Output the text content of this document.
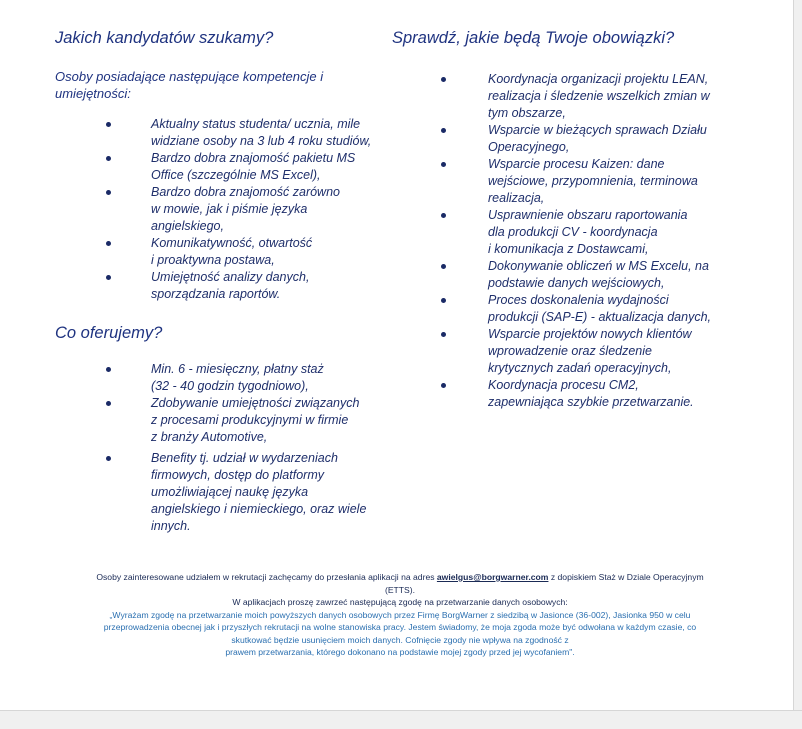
Jakich kandydatów szukamy?
Osoby posiadające następujące kompetencje i
umiejętności:
Aktualny status studenta/ ucznia, mile
widziane osoby na 3 lub 4 roku studiów,
Bardzo dobra znajomość pakietu MS
Office (szczególnie MS Excel),
Bardzo dobra znajomość zarówno
w mowie, jak i piśmie języka
angielskiego,
Komunikatywność, otwartość
i proaktywna postawa,
Umiejętność analizy danych,
sporządzania raportów.
Co oferujemy?
Min. 6 - miesięczny, płatny staż
(32 - 40 godzin tygodniowo),
Zdobywanie umiejętności związanych
z procesami produkcyjnymi w firmie
z branży Automotive,
Benefity tj. udział w wydarzeniach
firmowych, dostęp do platformy
umożliwiającej naukę języka
angielskiego i niemieckiego, oraz wiele
innych.
Sprawdź, jakie będą Twoje obowiązki?
Koordynacja organizacji projektu LEAN,
realizacja i śledzenie wszelkich zmian w
tym obszarze,
Wsparcie w bieżących sprawach Działu
Operacyjnego,
Wsparcie procesu Kaizen: dane
wejściowe, przypomnienia, terminowa
realizacja,
Usprawnienie obszaru raportowania
dla produkcji CV - koordynacja
i komunikacja z Dostawcami,
Dokonywanie obliczeń w MS Excelu, na
podstawie danych wejściowych,
Proces doskonalenia wydajności
produkcji (SAP-E) - aktualizacja danych,
Wsparcie projektów nowych klientów
wprowadzenie oraz śledzenie
krytycznych zadań operacyjnych,
Koordynacja procesu CM2,
zapewniająca szybkie przetwarzanie.
Osoby zainteresowane udziałem w rekrutacji zachęcamy do przesłania aplikacji na adres awielgus@borgwarner.com z dopiskiem Staż w Dziale Operacyjnym
(ETTS).
W aplikacjach proszę zawrzeć następującą zgodę na przetwarzanie danych osobowych:
„Wyrażam zgodę na przetwarzanie moich powyższych danych osobowych przez Firmę BorgWarner z siedzibą w Jasionce (36-002), Jasionka 950 w celu
przeprowadzenia obecnej jak i przyszłych rekrutacji na wolne stanowiska pracy. Jestem świadomy, że moja zgoda może być odwołana w każdym czasie, co
skutkować będzie usunięciem moich danych. Cofnięcie zgody nie wpływa na zgodność z
prawem przetwarzania, którego dokonano na podstawie mojej zgody przed jej wycofaniem".
